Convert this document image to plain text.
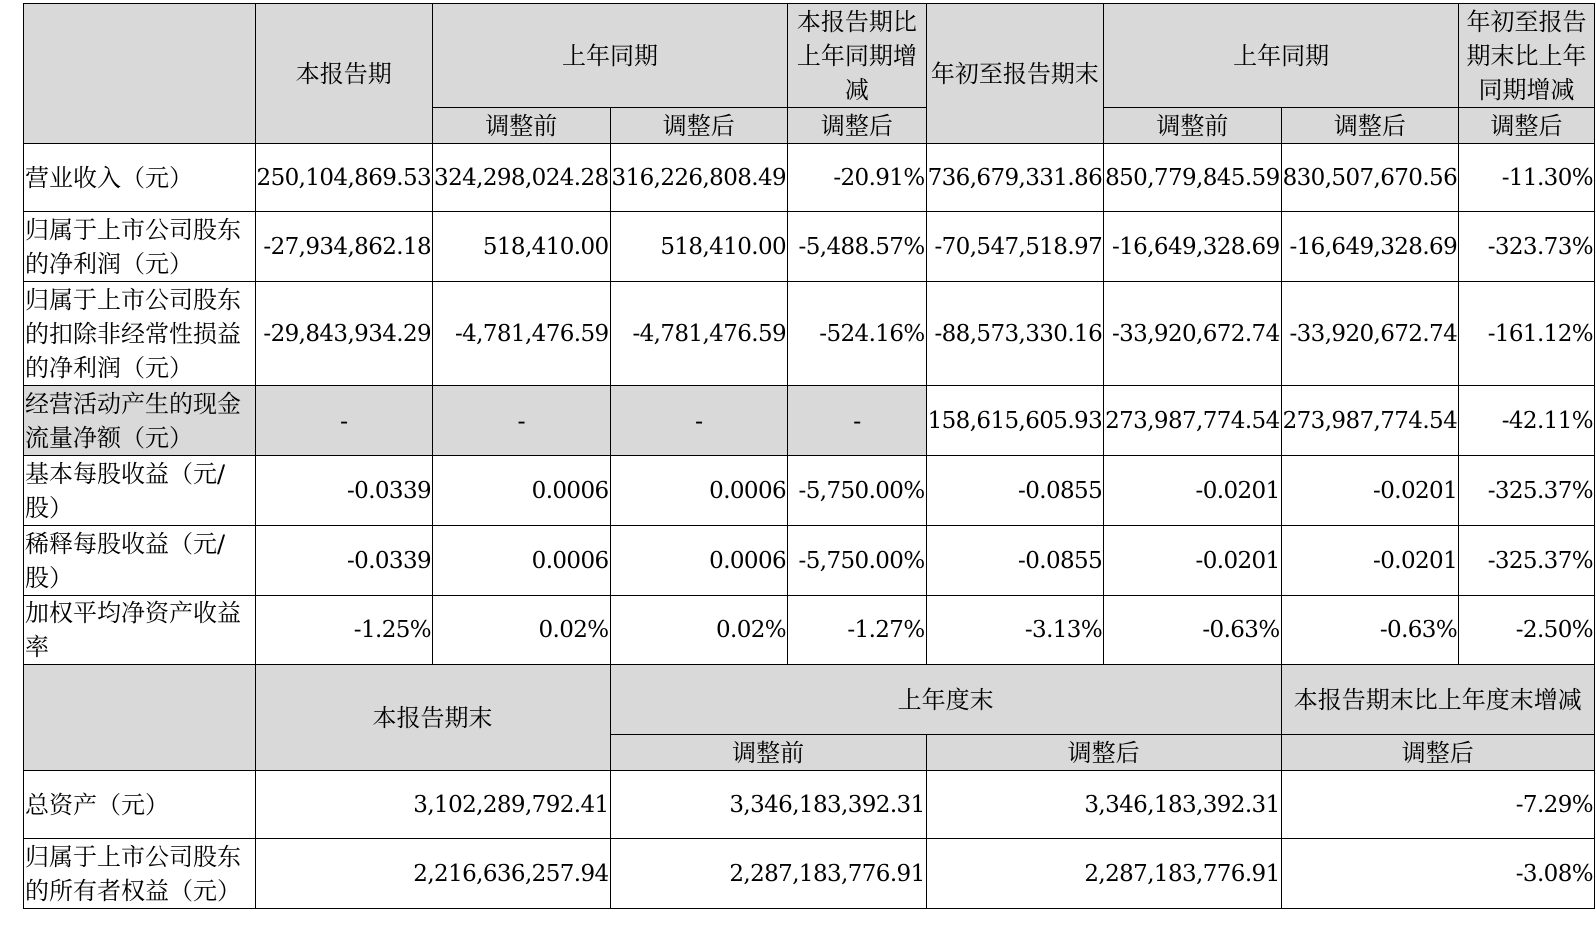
	本报告期	上年同期		本报告期比上年同期增减	年初至报告期末	上年同期		年初至报告期末比上年同期增减
		调整前	调整后	调整后		调整前	调整后	调整后
营业收入（元）	250,104,869.53	324,298,024.28	316,226,808.49	-20.91%	736,679,331.86	850,779,845.59	830,507,670.56	-11.30%
归属于上市公司股东的净利润（元）	-27,934,862.18	518,410.00	518,410.00	-5,488.57%	-70,547,518.97	-16,649,328.69	-16,649,328.69	-323.73%
归属于上市公司股东的扣除非经常性损益的净利润（元）	-29,843,934.29	-4,781,476.59	-4,781,476.59	-524.16%	-88,573,330.16	-33,920,672.74	-33,920,672.74	-161.12%
经营活动产生的现金流量净额（元）	-	-	-	-	158,615,605.93	273,987,774.54	273,987,774.54	-42.11%
基本每股收益（元/股）	-0.0339	0.0006	0.0006	-5,750.00%	-0.0855	-0.0201	-0.0201	-325.37%
稀释每股收益（元/股）	-0.0339	0.0006	0.0006	-5,750.00%	-0.0855	-0.0201	-0.0201	-325.37%
加权平均净资产收益率	-1.25%	0.02%	0.02%	-1.27%	-3.13%	-0.63%	-0.63%	-2.50%
	本报告期末		上年度末				本报告期末比上年度末增减	
			调整前		调整后		调整后	
总资产（元）	3,102,289,792.41		3,346,183,392.31		3,346,183,392.31		-7.29%	
归属于上市公司股东的所有者权益（元）	2,216,636,257.94		2,287,183,776.91		2,287,183,776.91		-3.08%	
